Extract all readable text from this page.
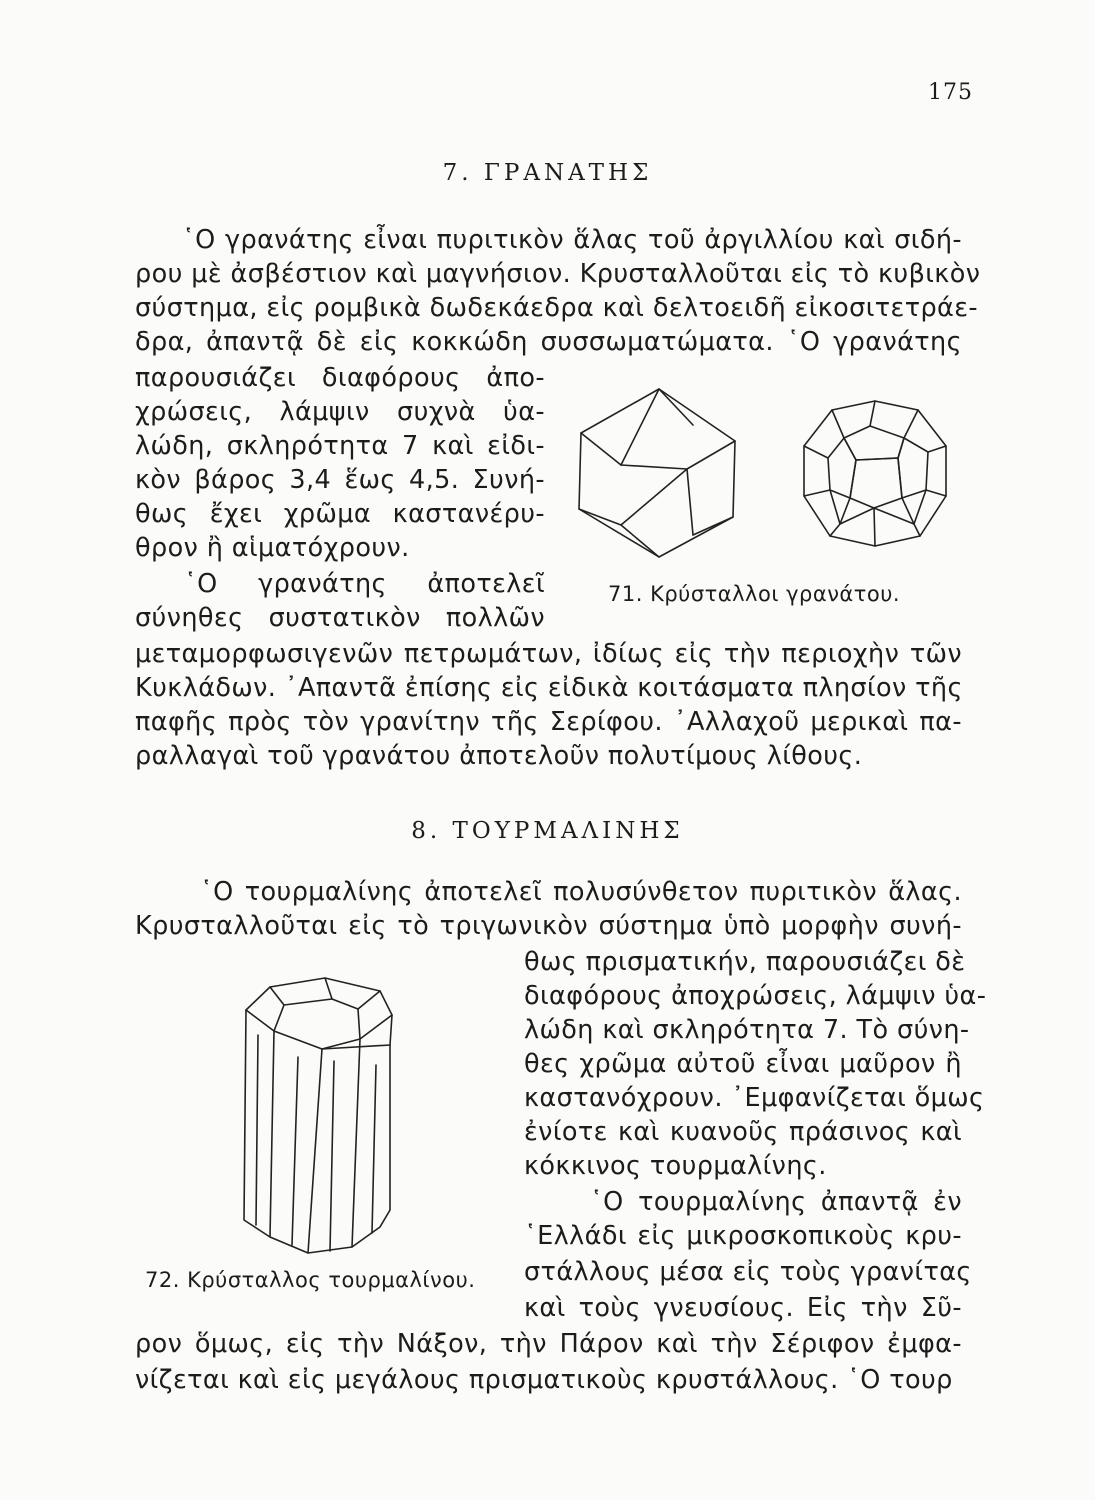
175
7. ΓΡΑΝΑΤΗΣ
῾Ο γρανάτης εἶναι πυριτικὸν ἅλας τοῦ ἀργιλλίου καὶ σιδή-
ρου μὲ ἀσβέστιον καὶ μαγνήσιον. Κρυσταλλοῦται εἰς τὸ κυβικὸν
σύστημα, εἰς ρομβικὰ δωδεκάεδρα καὶ δελτοειδῆ εἰκοσιτετράε-
δρα, ἀπαντᾷ δὲ εἰς κοκκώδη συσσωματώματα. ῾Ο γρανάτης
παρουσιάζει διαφόρους ἀπο-
χρώσεις, λάμψιν συχνὰ ὑα-
λώδη, σκληρότητα 7 καὶ εἰδι-
κὸν βάρος 3,4 ἕως 4,5. Συνή-
θως ἔχει χρῶμα καστανέρυ-
θρον ἢ αἱματόχρουν.
῾Ο γρανάτης ἀποτελεῖ
σύνηθες συστατικὸν πολλῶν
μεταμορφωσιγενῶν πετρωμάτων, ἰδίως εἰς τὴν περιοχὴν τῶν
Κυκλάδων. ᾿Απαντᾶ ἐπίσης εἰς εἰδικὰ κοιτάσματα πλησίον τῆς
παφῆς πρὸς τὸν γρανίτην τῆς Σερίφου. ᾿Αλλαχοῦ μερικαὶ πα-
ραλλαγαὶ τοῦ γρανάτου ἀποτελοῦν πολυτίμους λίθους.
71. Κρύσταλλοι γρανάτου.
8. ΤΟΥΡΜΑΛΙΝΗΣ
῾Ο τουρμαλίνης ἀποτελεῖ πολυσύνθετον πυριτικὸν ἅλας.
Κρυσταλλοῦται εἰς τὸ τριγωνικὸν σύστημα ὑπὸ μορφὴν συνή-
θως πρισματικήν, παρουσιάζει δὲ
διαφόρους ἀποχρώσεις, λάμψιν ὑα-
λώδη καὶ σκληρότητα 7. Τὸ σύνη-
θες χρῶμα αὐτοῦ εἶναι μαῦρον ἢ
καστανόχρουν. ᾿Εμφανίζεται ὅμως
ἐνίοτε καὶ κυανοῦς πράσινος καὶ
κόκκινος τουρμαλίνης.
῾Ο τουρμαλίνης ἀπαντᾷ ἐν
῾Ελλάδι εἰς μικροσκοπικοὺς κρυ-
στάλλους μέσα εἰς τοὺς γρανίτας
καὶ τοὺς γνευσίους. Εἰς τὴν Σῦ-
ρον ὅμως, εἰς τὴν Νάξον, τὴν Πάρον καὶ τὴν Σέριφον ἐμφα-
νίζεται καὶ εἰς μεγάλους πρισματικοὺς κρυστάλλους. ῾Ο τουρ
72. Κρύσταλλος τουρμαλίνου.
